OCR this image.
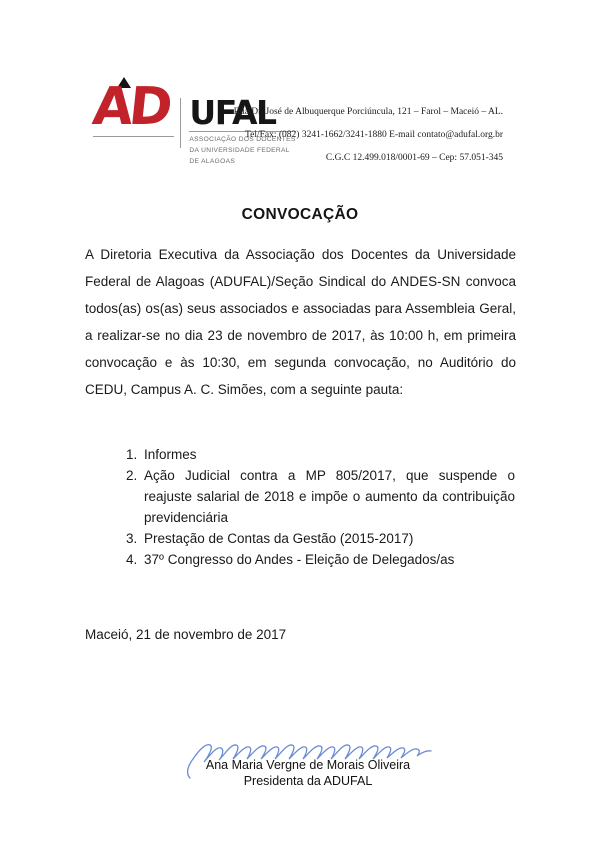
AD UFAL
ASSOCIAÇÃO DOS DOCENTES
DA UNIVERSIDADE FEDERAL
DE ALAGOAS
Rua Dr. José de Albuquerque Porciúncula, 121 – Farol – Maceió – AL.
Tel/Fax: (082) 3241-1662/3241-1880 E-mail contato@adufal.org.br
C.G.C 12.499.018/0001-69 – Cep: 57.051-345
CONVOCAÇÃO
A Diretoria Executiva da Associação dos Docentes da Universidade Federal de Alagoas (ADUFAL)/Seção Sindical do ANDES-SN convoca todos(as) os(as) seus associados e associadas para Assembleia Geral, a realizar-se no dia 23 de novembro de 2017, às 10:00 h, em primeira convocação e às 10:30, em segunda convocação, no Auditório do CEDU, Campus A. C. Simões, com a seguinte pauta:
1. Informes
2. Ação Judicial contra a MP 805/2017, que suspende o reajuste salarial de 2018 e impõe o aumento da contribuição previdenciária
3. Prestação de Contas da Gestão (2015-2017)
4. 37º Congresso do Andes - Eleição de Delegados/as
Maceió, 21 de novembro de 2017
Ana Maria Vergne de Morais Oliveira
Presidenta da ADUFAL
